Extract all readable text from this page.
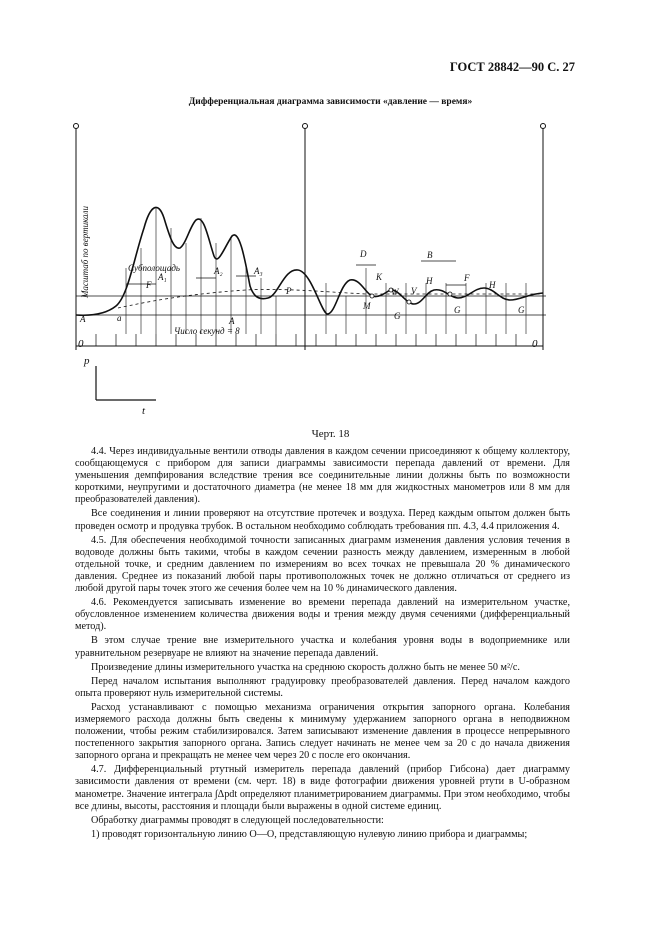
ГОСТ 28842—90 С. 27
Дифференциальная диаграмма зависимости «давление — время»
Масштаб по вертикали	Субполощадь
Число секунд = 8
A	A
A₁
A₂	A₃
F
F
a
P
M
W V
G
G	G
H	H
D
K
B
0	0
p
t
Черт. 18

4.4. Через индивидуальные вентили отводы давления в каждом сечении присоединяют к общему коллектору, сообщающемуся с прибором для записи диаграммы зависимости перепада давлений от времени. Для уменьшения демпфирования вследствие трения все соединительные линии должны быть по возможности короткими, неупругими и достаточного диаметра (не менее 18 мм для жидкостных манометров или 8 мм для преобразователей давления).

Все соединения и линии проверяют на отсутствие протечек и воздуха. Перед каждым опытом должен быть проведен осмотр и продувка трубок. В остальном необходимо соблюдать требования пп. 4.3, 4.4 приложения 4.

4.5. Для обеспечения необходимой точности записанных диаграмм изменения давления условия течения в водоводе должны быть такими, чтобы в каждом сечении разность между давлением, измеренным в любой отдельной точке, и средним давлением по измерениям во всех точках не превышала 20 % динамического давления. Среднее из показаний любой пары противоположных точек не должно отличаться от среднего из любой другой пары точек этого же сечения более чем на 10 % динамического давления.

4.6. Рекомендуется записывать изменение во времени перепада давлений на измерительном участке, обусловленное изменением количества движения воды и трения между двумя сечениями (дифференциальный метод).

В этом случае трение вне измерительного участка и колебания уровня воды в водоприемнике или уравнительном резервуаре не влияют на значение перепада давлений.

Произведение длины измерительного участка на среднюю скорость должно быть не менее 50 м²/с.

Перед началом испытания выполняют градуировку преобразователей давления. Перед началом каждого опыта проверяют нуль измерительной системы.

Расход устанавливают с помощью механизма ограничения открытия запорного органа. Колебания измеряемого расхода должны быть сведены к минимуму удержанием запорного органа в неподвижном положении, чтобы режим стабилизировался. Затем записывают изменение давления в процессе непрерывного постепенного закрытия запорного органа. Запись следует начинать не менее чем за 20 с до начала движения запорного органа и прекращать не менее чем через 20 с после его окончания.

4.7. Дифференциальный ртутный измеритель перепада давлений (прибор Гибсона) дает диаграмму зависимости давления от времени (см. черт. 18) в виде фотографии движения уровней ртути в U-образном манометре. Значение интеграла ∫Δpdt определяют планиметрированием диаграммы. При этом необходимо, чтобы все длины, высоты, расстояния и площади были выражены в одной системе единиц.

Обработку диаграммы проводят в следующей последовательности:

1) проводят горизонтальную линию O—O, представляющую нулевую линию прибора и диаграммы;
